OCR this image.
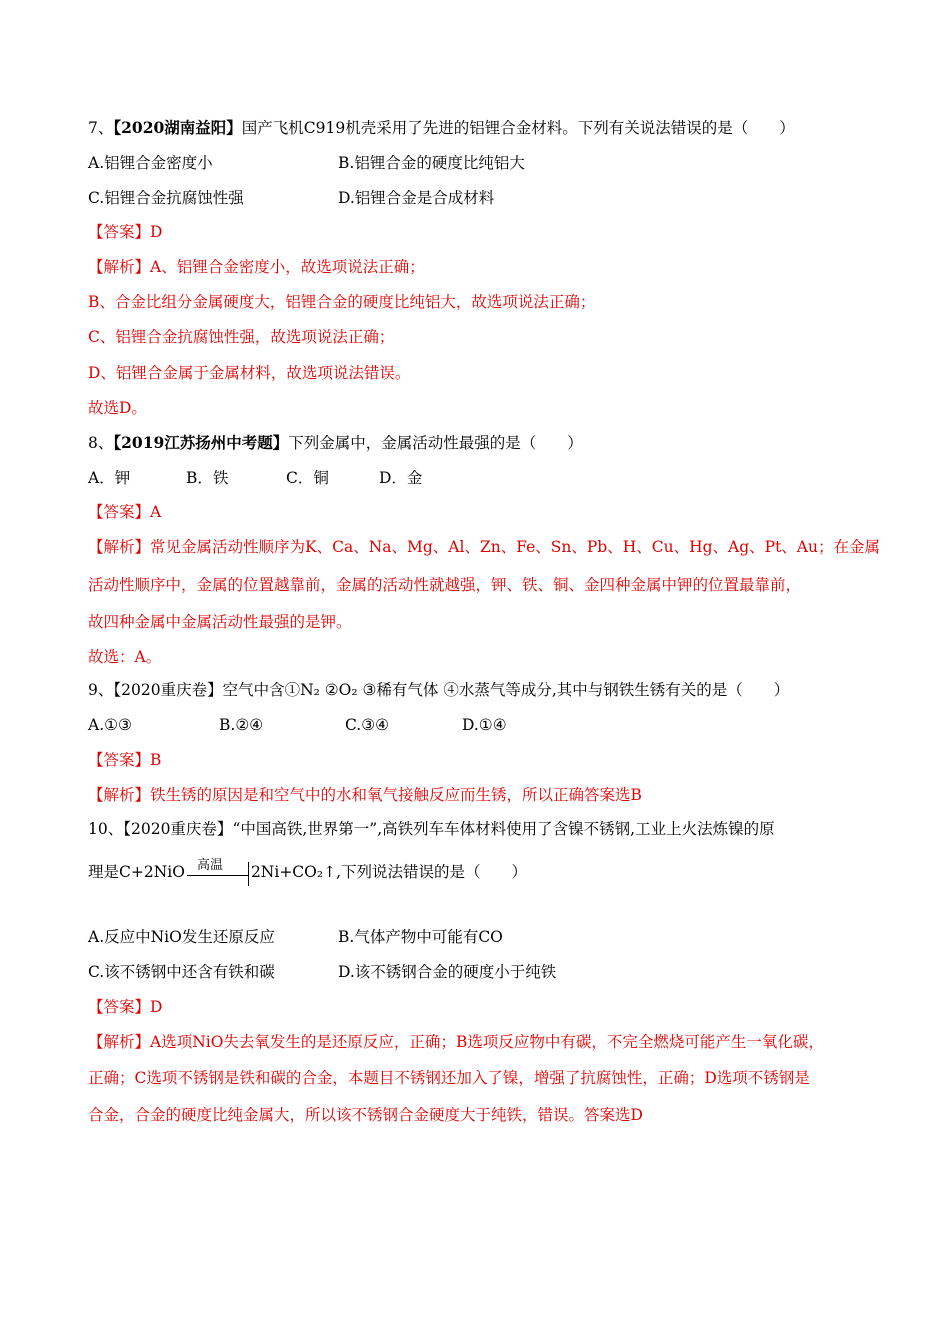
7、【2020湖南益阳】国产飞机C919机壳采用了先进的铝锂合金材料。下列有关说法错误的是（　　）
A.铝锂合金密度小	B.铝锂合金的硬度比纯铝大
C.铝锂合金抗腐蚀性强	D.铝锂合金是合成材料
【答案】D
【解析】A、铝锂合金密度小，故选项说法正确；
B、合金比组分金属硬度大，铝锂合金的硬度比纯铝大，故选项说法正确；
C、铝锂合金抗腐蚀性强，故选项说法正确；
D、铝锂合金属于金属材料，故选项说法错误。
故选D。
8、【2019江苏扬州中考题】下列金属中，金属活动性最强的是（　　）
A．钾	B．铁	C．铜	D．金
【答案】A
【解析】常见金属活动性顺序为K、Ca、Na、Mg、Al、Zn、Fe、Sn、Pb、H、Cu、Hg、Ag、Pt、Au；在金属
活动性顺序中，金属的位置越靠前，金属的活动性就越强，钾、铁、铜、金四种金属中钾的位置最靠前，
故四种金属中金属活动性最强的是钾。
故选：A。
9、【2020重庆卷】空气中含①N₂ ②O₂ ③稀有气体 ④水蒸气等成分,其中与钢铁生锈有关的是（　　）
A.①③	B.②④	C.③④	D.①④
【答案】B
【解析】铁生锈的原因是和空气中的水和氧气接触反应而生锈，所以正确答案选B
10、【2020重庆卷】“中国高铁,世界第一”,高铁列车车体材料使用了含镍不锈钢,工业上火法炼镍的原
理是C+2NiO 高温 2Ni+CO₂↑,下列说法错误的是（　　）
A.反应中NiO发生还原反应	B.气体产物中可能有CO
C.该不锈钢中还含有铁和碳	D.该不锈钢合金的硬度小于纯铁
【答案】D
【解析】A选项NiO失去氧发生的是还原反应，正确；B选项反应物中有碳，不完全燃烧可能产生一氧化碳，
正确；C选项不锈钢是铁和碳的合金，本题目不锈钢还加入了镍，增强了抗腐蚀性，正确；D选项不锈钢是
合金，合金的硬度比纯金属大，所以该不锈钢合金硬度大于纯铁，错误。答案选D
